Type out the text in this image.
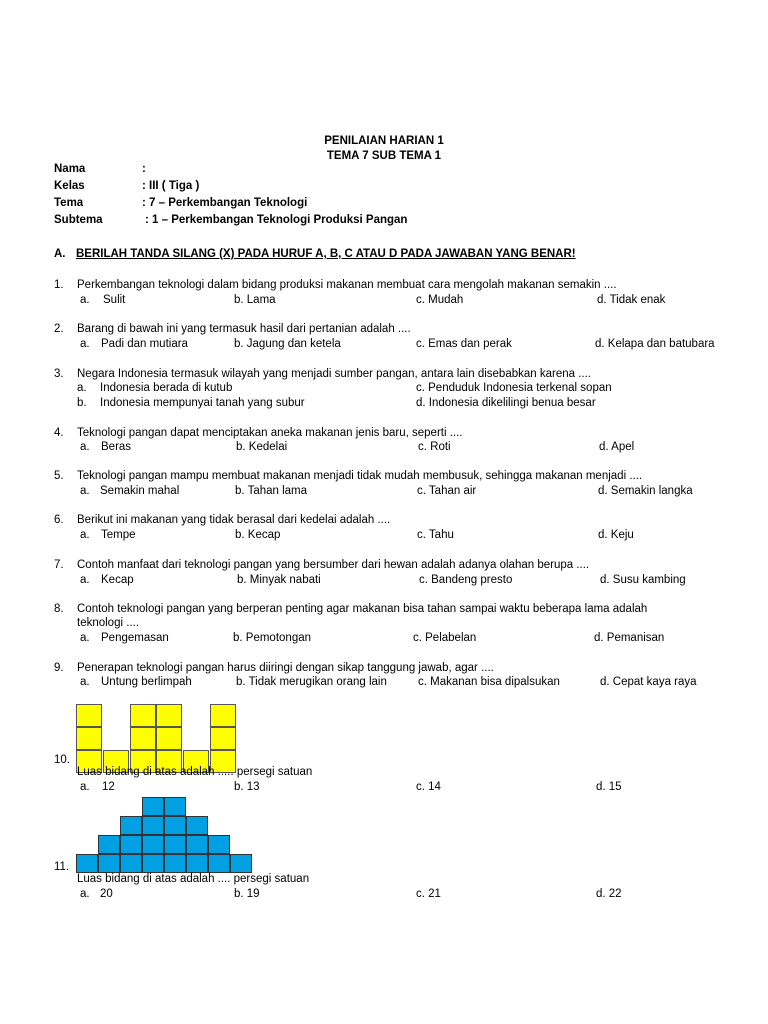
PENILAIAN HARIAN 1
TEMA 7 SUB TEMA 1
Nama	:
Kelas	: III ( Tiga )
Tema	: 7 – Perkembangan Teknologi
Subtema	: 1 – Perkembangan Teknologi Produksi Pangan
A. BERILAH TANDA SILANG (X) PADA HURUF A, B, C ATAU D PADA JAWABAN YANG BENAR!
1. Perkembangan teknologi dalam bidang produksi makanan membuat cara mengolah makanan semakin ....
a. Sulit	b. Lama	c. Mudah	d. Tidak enak
2. Barang di bawah ini yang termasuk hasil dari pertanian adalah ....
a. Padi dan mutiara	b. Jagung dan ketela	c. Emas dan perak	d. Kelapa dan batubara
3. Negara Indonesia termasuk wilayah yang menjadi sumber pangan, antara lain disebabkan karena ....
a. Indonesia berada di kutub	c. Penduduk Indonesia terkenal sopan
b. Indonesia mempunyai tanah yang subur	d. Indonesia dikelilingi benua besar
4. Teknologi pangan dapat menciptakan aneka makanan jenis baru, seperti ....
a. Beras	b. Kedelai	c. Roti	d. Apel
5. Teknologi pangan mampu membuat makanan menjadi tidak mudah membusuk, sehingga makanan menjadi ....
a. Semakin mahal	b. Tahan lama	c. Tahan air	d. Semakin langka
6. Berikut ini makanan yang tidak berasal dari kedelai adalah ....
a. Tempe	b. Kecap	c. Tahu	d. Keju
7. Contoh manfaat dari teknologi pangan yang bersumber dari hewan adalah adanya olahan berupa ....
a. Kecap	b. Minyak nabati	c. Bandeng presto	d. Susu kambing
8. Contoh teknologi pangan yang berperan penting agar makanan bisa tahan sampai waktu beberapa lama adalah
teknologi ....
a. Pengemasan	b. Pemotongan	c. Pelabelan	d. Pemanisan
9. Penerapan teknologi pangan harus diiringi dengan sikap tanggung jawab, agar ....
a. Untung berlimpah	b. Tidak merugikan orang lain	c. Makanan bisa dipalsukan	d. Cepat kaya raya
10.
Luas bidang di atas adalah ..... persegi satuan
a. 12	b. 13	c. 14	d. 15
11.
Luas bidang di atas adalah .... persegi satuan
a. 20	b. 19	c. 21	d. 22
